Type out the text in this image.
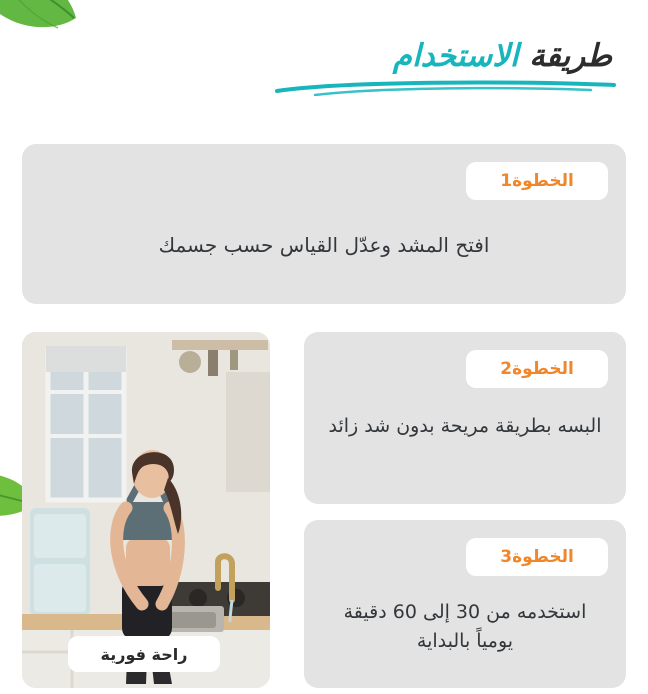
طريقة الاستخدام
الخطوة1
افتح المشد وعدّل القياس حسب جسمك
الخطوة2
البسه بطريقة مريحة بدون شد زائد
الخطوة3
استخدمه من 30 إلى 60 دقيقة يومياً بالبداية
راحة فورية
